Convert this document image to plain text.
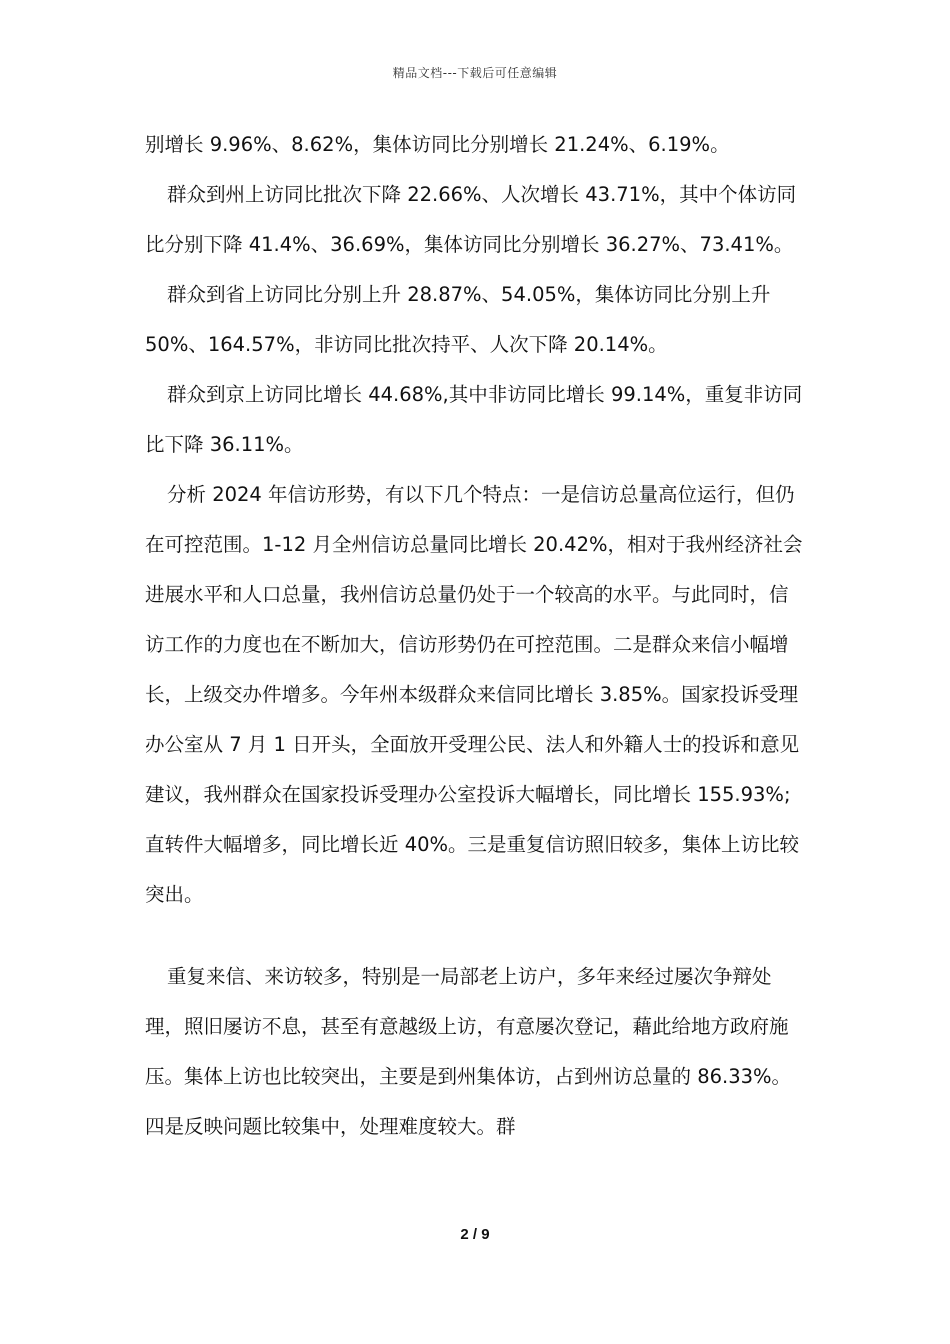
精品文档---下载后可任意编辑

别增长 9.96%、8.62%，集体访同比分别增长 21.24%、6.19%。

群众到州上访同比批次下降 22.66%、人次增长 43.71%，其中个体访同比分别下降 41.4%、36.69%，集体访同比分别增长 36.27%、73.41%。

群众到省上访同比分别上升 28.87%、54.05%，集体访同比分别上升 50%、164.57%，非访同比批次持平、人次下降 20.14%。

群众到京上访同比增长 44.68%,其中非访同比增长 99.14%，重复非访同比下降 36.11%。

分析 2024 年信访形势，有以下几个特点：一是信访总量高位运行，但仍在可控范围。1-12 月全州信访总量同比增长 20.42%，相对于我州经济社会进展水平和人口总量，我州信访总量仍处于一个较高的水平。与此同时，信访工作的力度也在不断加大，信访形势仍在可控范围。二是群众来信小幅增长，上级交办件增多。今年州本级群众来信同比增长 3.85%。国家投诉受理办公室从 7 月 1 日开头，全面放开受理公民、法人和外籍人士的投诉和意见建议，我州群众在国家投诉受理办公室投诉大幅增长，同比增长 155.93%;直转件大幅增多，同比增长近 40%。三是重复信访照旧较多，集体上访比较突出。

重复来信、来访较多，特别是一局部老上访户，多年来经过屡次争辩处理，照旧屡访不息，甚至有意越级上访，有意屡次登记，藉此给地方政府施压。集体上访也比较突出，主要是到州集体访，占到州访总量的 86.33%。四是反映问题比较集中，处理难度较大。群

2 / 9
